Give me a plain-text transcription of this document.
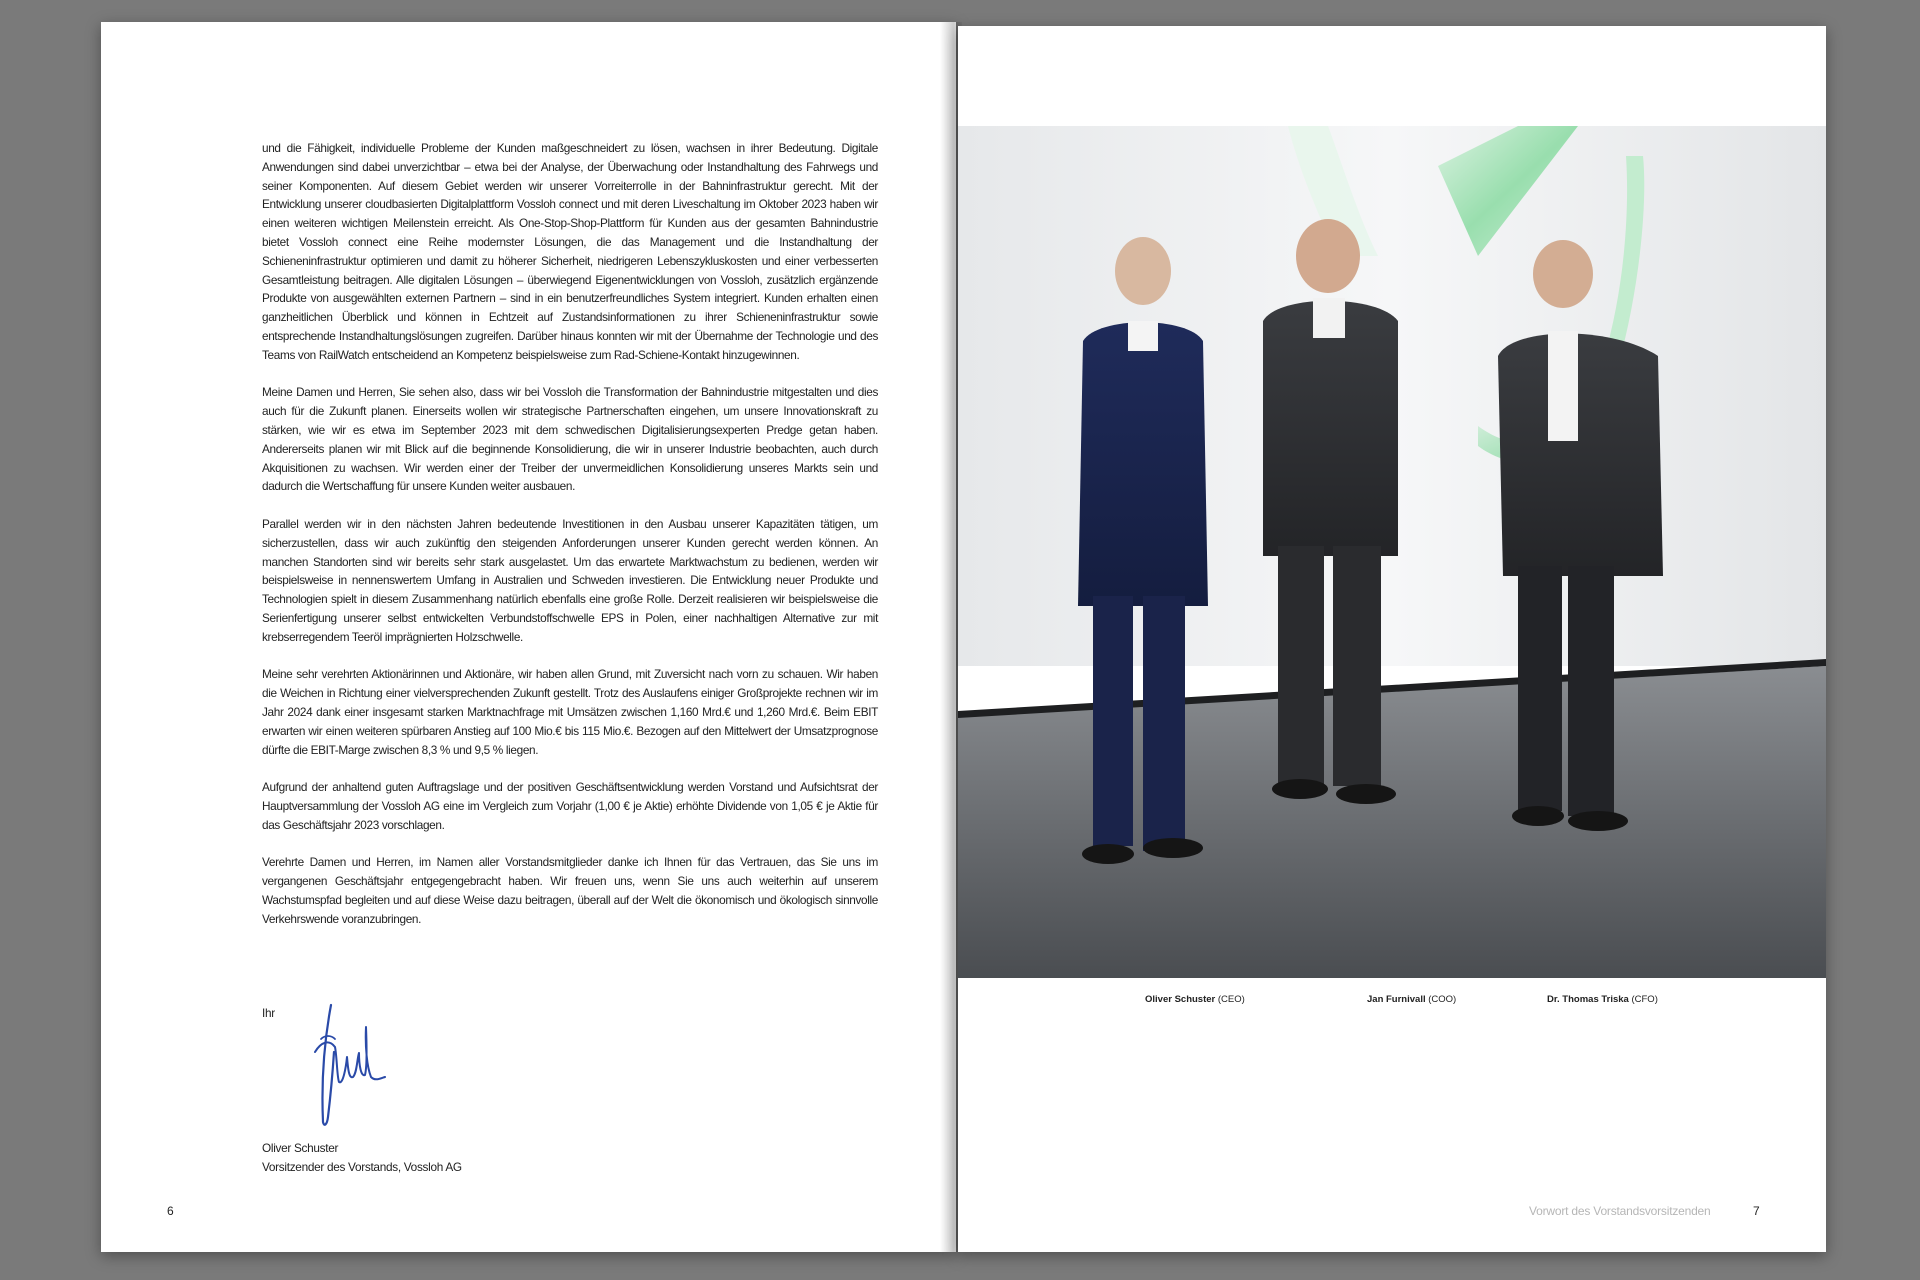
und die Fähigkeit, individuelle Probleme der Kunden maßgeschneidert zu lösen, wachsen in ihrer Bedeutung. Digitale Anwendungen sind dabei unverzichtbar – etwa bei der Analyse, der Überwachung oder Instandhaltung des Fahrwegs und seiner Komponenten. Auf diesem Gebiet werden wir unserer Vorreiterrolle in der Bahninfrastruktur gerecht. Mit der Entwicklung unserer cloudbasierten Digitalplattform Vossloh connect und mit deren Liveschaltung im Oktober 2023 haben wir einen weiteren wichtigen Meilenstein erreicht. Als One-Stop-Shop-Plattform für Kunden aus der gesamten Bahnindustrie bietet Vossloh connect eine Reihe modernster Lösungen, die das Management und die Instandhaltung der Schieneninfrastruktur optimieren und damit zu höherer Sicherheit, niedrigeren Lebenszykluskosten und einer verbesserten Gesamtleistung beitragen. Alle digitalen Lösungen – überwiegend Eigenentwicklungen von Vossloh, zusätzlich ergänzende Produkte von ausgewählten externen Partnern – sind in ein benutzerfreundliches System integriert. Kunden erhalten einen ganzheitlichen Überblick und können in Echtzeit auf Zustandsinformationen zu ihrer Schieneninfrastruktur sowie entsprechende Instandhaltungslösungen zugreifen. Darüber hinaus konnten wir mit der Übernahme der Technologie und des Teams von RailWatch entscheidend an Kompetenz beispielsweise zum Rad-Schiene-Kontakt hinzugewinnen.

Meine Damen und Herren, Sie sehen also, dass wir bei Vossloh die Transformation der Bahnindustrie mitgestalten und dies auch für die Zukunft planen. Einerseits wollen wir strategische Partnerschaften eingehen, um unsere Innovationskraft zu stärken, wie wir es etwa im September 2023 mit dem schwedischen Digitalisierungsexperten Predge getan haben. Andererseits planen wir mit Blick auf die beginnende Konsolidierung, die wir in unserer Industrie beobachten, auch durch Akquisitionen zu wachsen. Wir werden einer der Treiber der unvermeidlichen Konsolidierung unseres Markts sein und dadurch die Wertschaffung für unsere Kunden weiter ausbauen.

Parallel werden wir in den nächsten Jahren bedeutende Investitionen in den Ausbau unserer Kapazitäten tätigen, um sicherzustellen, dass wir auch zukünftig den steigenden Anforderungen unserer Kunden gerecht werden können. An manchen Standorten sind wir bereits sehr stark ausgelastet. Um das erwartete Marktwachstum zu bedienen, werden wir beispielsweise in nennenswertem Umfang in Australien und Schweden investieren. Die Entwicklung neuer Produkte und Technologien spielt in diesem Zusammenhang natürlich ebenfalls eine große Rolle. Derzeit realisieren wir beispielsweise die Serienfertigung unserer selbst entwickelten Verbundstoffschwelle EPS in Polen, einer nachhaltigen Alternative zur mit krebserregendem Teeröl imprägnierten Holzschwelle.

Meine sehr verehrten Aktionärinnen und Aktionäre, wir haben allen Grund, mit Zuversicht nach vorn zu schauen. Wir haben die Weichen in Richtung einer vielversprechenden Zukunft gestellt. Trotz des Auslaufens einiger Großprojekte rechnen wir im Jahr 2024 dank einer insgesamt starken Marktnachfrage mit Umsätzen zwischen 1,160 Mrd.€ und 1,260 Mrd.€. Beim EBIT erwarten wir einen weiteren spürbaren Anstieg auf 100 Mio.€ bis 115 Mio.€. Bezogen auf den Mittelwert der Umsatzprognose dürfte die EBIT-Marge zwischen 8,3 % und 9,5 % liegen.

Aufgrund der anhaltend guten Auftragslage und der positiven Geschäftsentwicklung werden Vorstand und Aufsichtsrat der Hauptversammlung der Vossloh AG eine im Vergleich zum Vorjahr (1,00 € je Aktie) erhöhte Dividende von 1,05 € je Aktie für das Geschäftsjahr 2023 vorschlagen.

Verehrte Damen und Herren, im Namen aller Vorstandsmitglieder danke ich Ihnen für das Vertrauen, das Sie uns im vergangenen Geschäftsjahr entgegengebracht haben. Wir freuen uns, wenn Sie uns auch weiterhin auf unserem Wachstumspfad begleiten und auf diese Weise dazu beitragen, überall auf der Welt die ökonomisch und ökologisch sinnvolle Verkehrswende voranzubringen.

Ihr
Oliver Schuster
Vorsitzender des Vorstands, Vossloh AG
6
Oliver Schuster (CEO)	Jan Furnivall (COO)	Dr. Thomas Triska (CFO)
Vorwort des Vorstandsvorsitzenden	7
